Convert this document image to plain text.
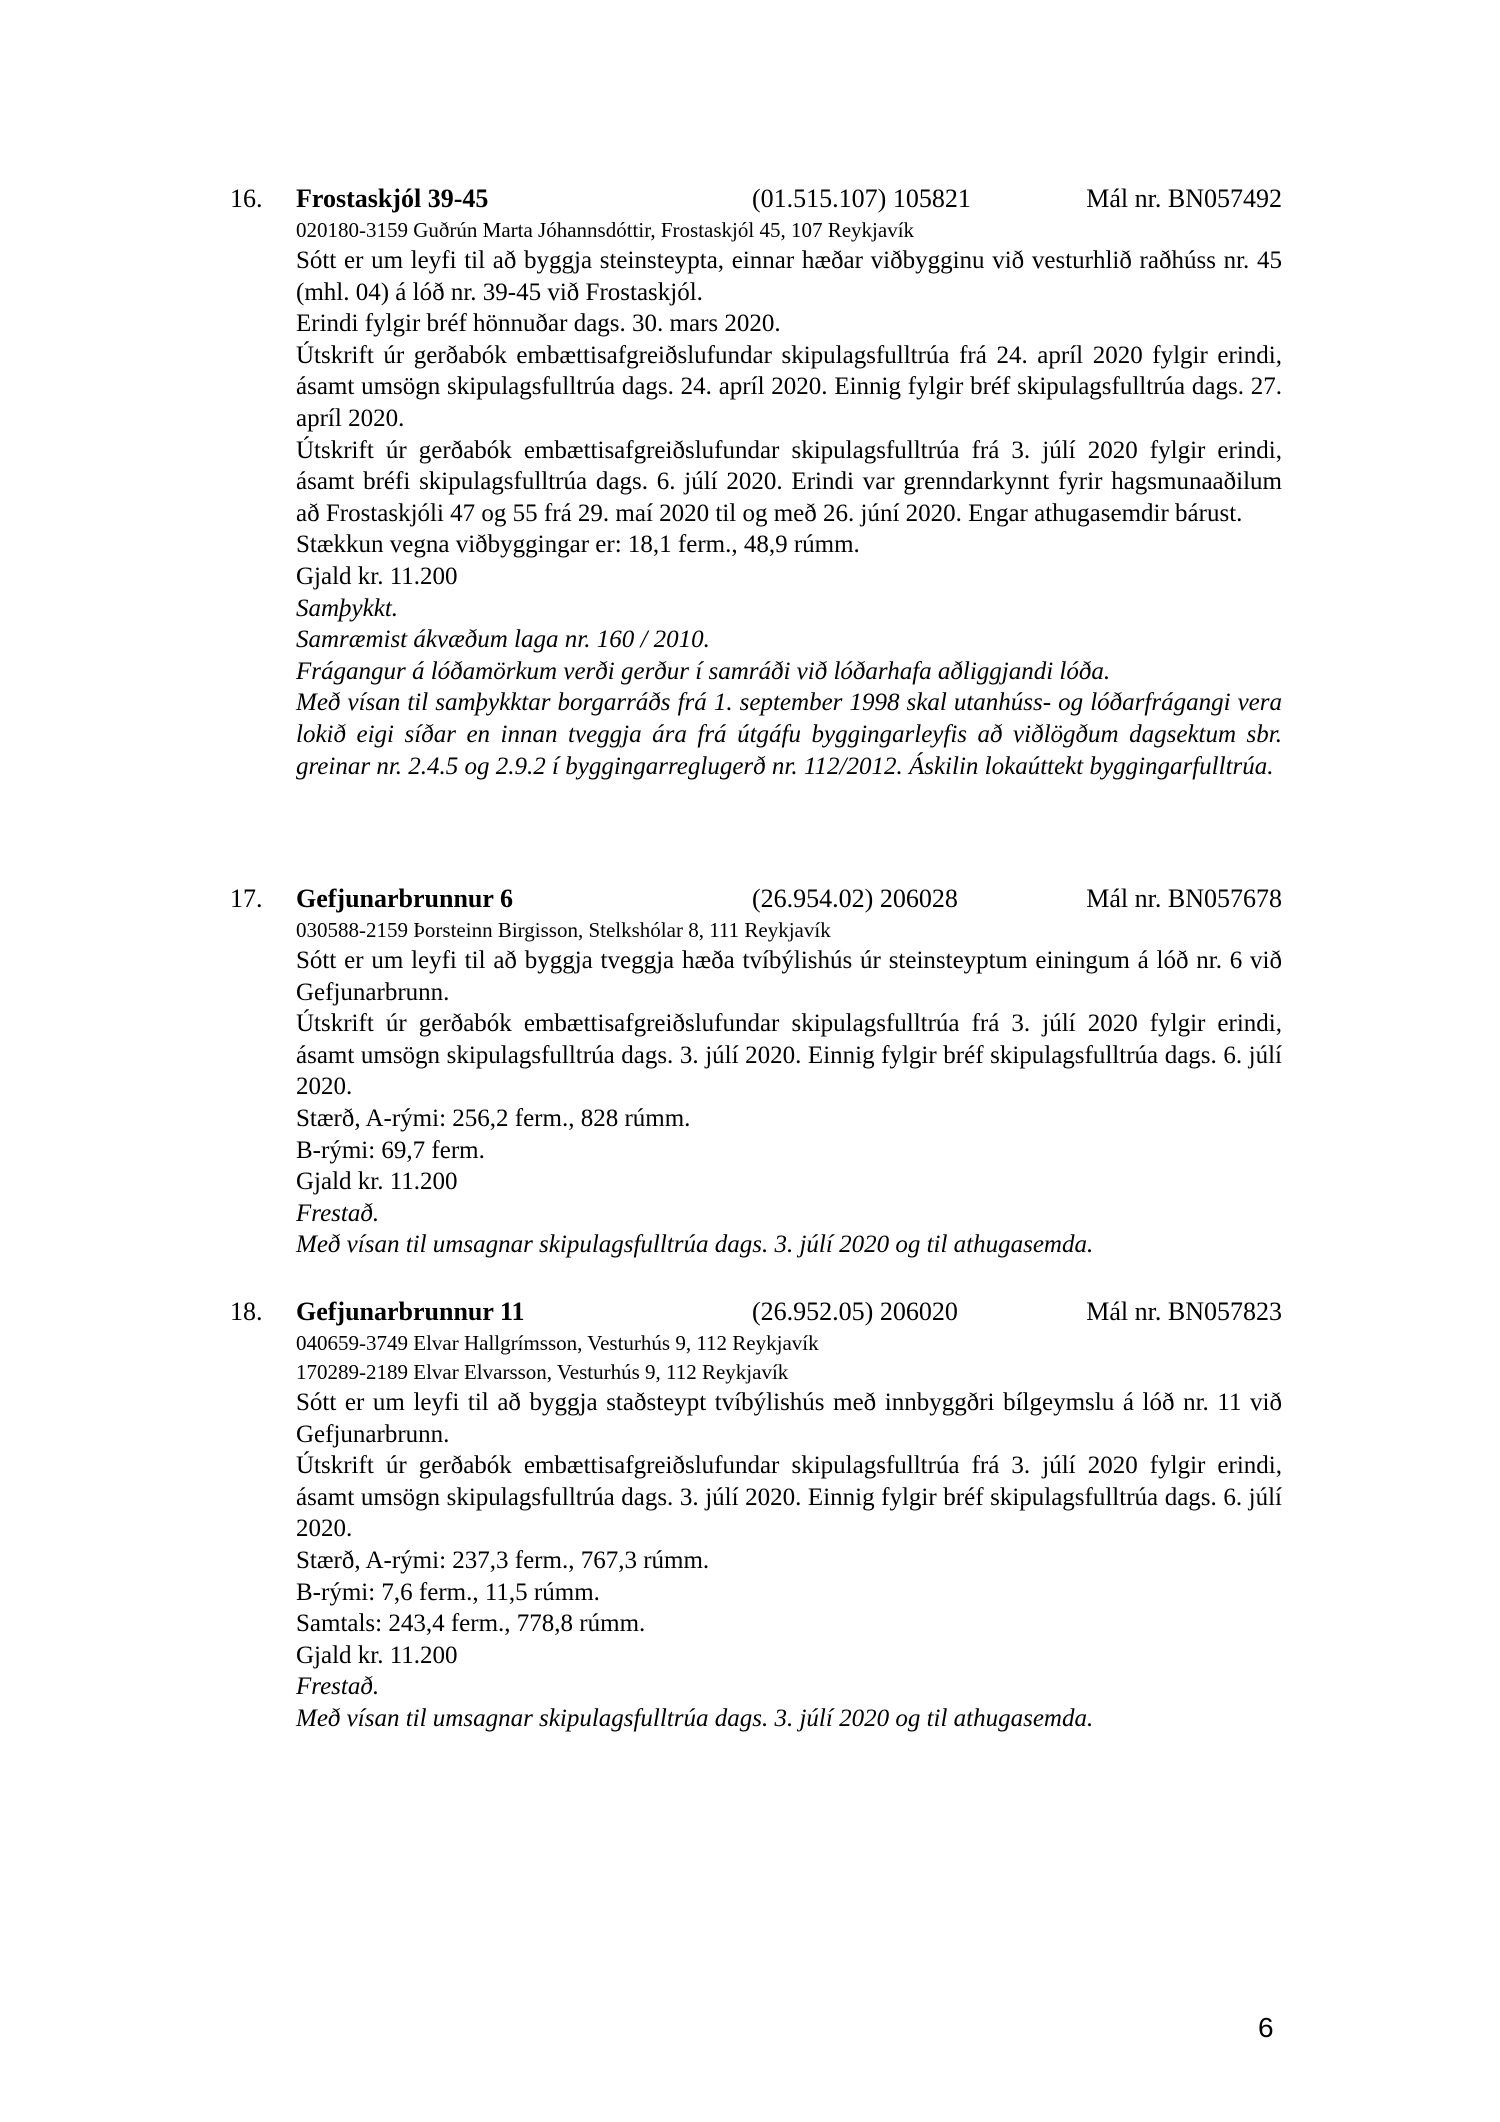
16. Frostaskjól 39-45	(01.515.107) 105821	Mál nr. BN057492
020180-3159 Guðrún Marta Jóhannsdóttir, Frostaskjól 45, 107 Reykjavík
Sótt er um leyfi til að byggja steinsteypta, einnar hæðar viðbygginu við vesturhlið raðhúss nr. 45 (mhl. 04) á lóð nr. 39-45 við Frostaskjól.
Erindi fylgir bréf hönnuðar dags. 30. mars 2020.
Útskrift úr gerðabók embættisafgreiðslufundar skipulagsfulltrúa frá 24. apríl 2020 fylgir erindi, ásamt umsögn skipulagsfulltrúa dags. 24. apríl 2020. Einnig fylgir bréf skipulagsfulltrúa dags. 27. apríl 2020.
Útskrift úr gerðabók embættisafgreiðslufundar skipulagsfulltrúa frá 3. júlí 2020 fylgir erindi, ásamt bréfi skipulagsfulltrúa dags. 6. júlí 2020. Erindi var grenndarkynnt fyrir hagsmunaaðilum að Frostaskjóli 47 og 55 frá 29. maí 2020 til og með 26. júní 2020. Engar athugasemdir bárust.
Stækkun vegna viðbyggingar er: 18,1 ferm., 48,9 rúmm.
Gjald kr. 11.200
Samþykkt.
Samræmist ákvæðum laga nr. 160 / 2010.
Frágangur á lóðamörkum verði gerður í samráði við lóðarhafa aðliggjandi lóða.
Með vísan til samþykktar borgarráðs frá 1. september 1998 skal utanhúss- og lóðarfrágangi vera lokið eigi síðar en innan tveggja ára frá útgáfu byggingarleyfis að viðlögðum dagsektum sbr. greinar nr. 2.4.5 og 2.9.2 í byggingarreglugerð nr. 112/2012. Áskilin lokaúttekt byggingarfulltrúa.
17. Gefjunarbrunnur 6	(26.954.02) 206028	Mál nr. BN057678
030588-2159 Þorsteinn Birgisson, Stelkshólar 8, 111 Reykjavík
Sótt er um leyfi til að byggja tveggja hæða tvíbýlishús úr steinsteyptum einingum á lóð nr. 6 við Gefjunarbrunn.
Útskrift úr gerðabók embættisafgreiðslufundar skipulagsfulltrúa frá 3. júlí 2020 fylgir erindi, ásamt umsögn skipulagsfulltrúa dags. 3. júlí 2020. Einnig fylgir bréf skipulagsfulltrúa dags. 6. júlí 2020.
Stærð, A-rými: 256,2 ferm., 828 rúmm.
B-rými: 69,7 ferm.
Gjald kr. 11.200
Frestað.
Með vísan til umsagnar skipulagsfulltrúa dags. 3. júlí 2020 og til athugasemda.
18. Gefjunarbrunnur 11	(26.952.05) 206020	Mál nr. BN057823
040659-3749 Elvar Hallgrímsson, Vesturhús 9, 112 Reykjavík
170289-2189 Elvar Elvarsson, Vesturhús 9, 112 Reykjavík
Sótt er um leyfi til að byggja staðsteypt tvíbýlishús með innbyggðri bílgeymslu á lóð nr. 11 við Gefjunarbrunn.
Útskrift úr gerðabók embættisafgreiðslufundar skipulagsfulltrúa frá 3. júlí 2020 fylgir erindi, ásamt umsögn skipulagsfulltrúa dags. 3. júlí 2020. Einnig fylgir bréf skipulagsfulltrúa dags. 6. júlí 2020.
Stærð, A-rými: 237,3 ferm., 767,3 rúmm.
B-rými: 7,6 ferm., 11,5 rúmm.
Samtals: 243,4 ferm., 778,8 rúmm.
Gjald kr. 11.200
Frestað.
Með vísan til umsagnar skipulagsfulltrúa dags. 3. júlí 2020 og til athugasemda.
6
